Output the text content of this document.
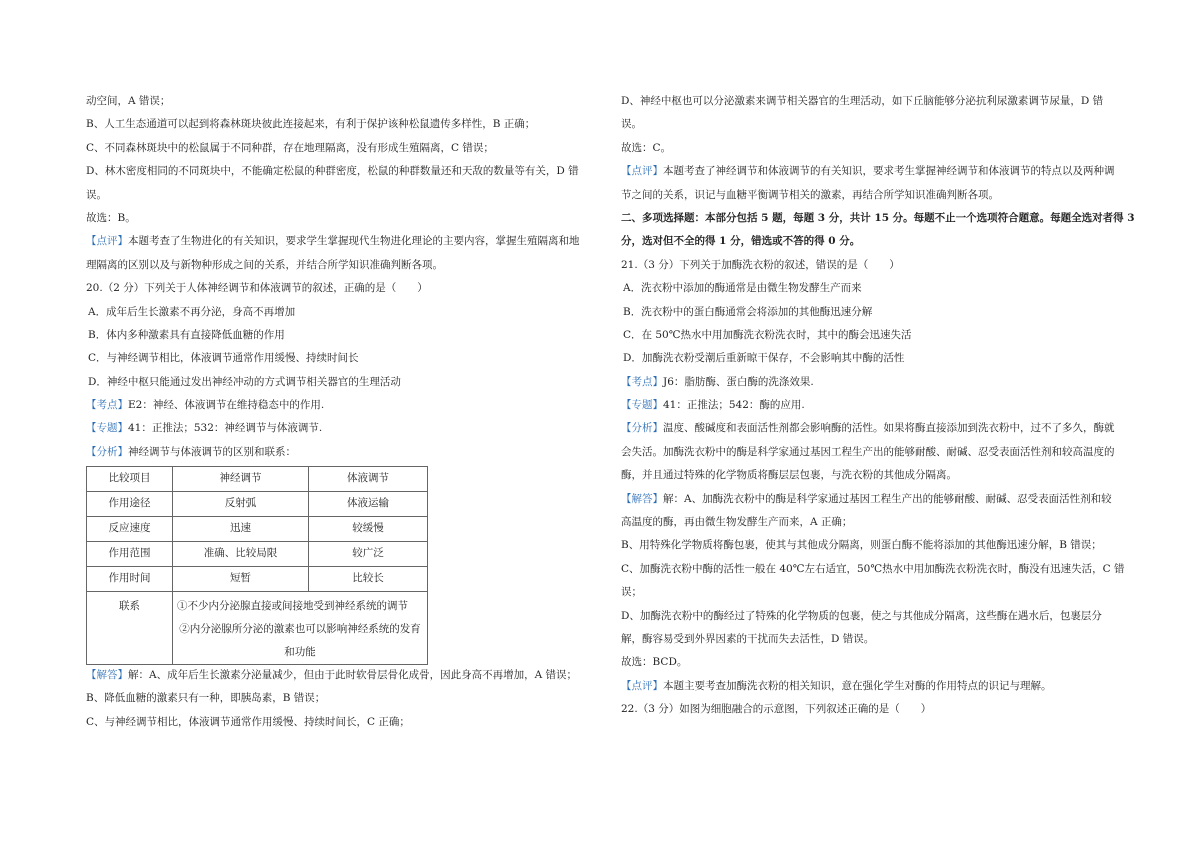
动空间，A 错误；

B、人工生态通道可以起到将森林斑块彼此连接起来，有利于保护该种松鼠遗传多样性，B 正确；

C、不同森林斑块中的松鼠属于不同种群，存在地理隔离，没有形成生殖隔离，C 错误；

D、林木密度相同的不同斑块中，不能确定松鼠的种群密度，松鼠的种群数量还和天敌的数量等有关，D 错

误。

故选：B。

【点评】本题考查了生物进化的有关知识，要求学生掌握现代生物进化理论的主要内容，掌握生殖隔离和地

理隔离的区别以及与新物种形成之间的关系，并结合所学知识准确判断各项。

20.（2 分）下列关于人体神经调节和体液调节的叙述，正确的是（　　）

A．成年后生长激素不再分泌，身高不再增加

B．体内多种激素具有直接降低血糖的作用

C．与神经调节相比，体液调节通常作用缓慢、持续时间长

D．神经中枢只能通过发出神经冲动的方式调节相关器官的生理活动

【考点】E2：神经、体液调节在维持稳态中的作用.

【专题】41：正推法；532：神经调节与体液调节.

【分析】神经调节与体液调节的区别和联系：

比较项目	神经调节	体液调节
作用途径	反射弧	体液运输
反应速度	迅速	较缓慢
作用范围	准确、比较局限	较广泛
作用时间	短暂	比较长
联系	①不少内分泌腺直接或间接地受到神经系统的调节
②内分泌腺所分泌的激素也可以影响神经系统的发育和功能	

【解答】解：A、成年后生长激素分泌量减少，但由于此时软骨层骨化成骨，因此身高不再增加，A 错误；

B、降低血糖的激素只有一种，即胰岛素，B 错误；

C、与神经调节相比，体液调节通常作用缓慢、持续时间长，C 正确；

D、神经中枢也可以分泌激素来调节相关器官的生理活动，如下丘脑能够分泌抗利尿激素调节尿量，D 错

误。

故选：C。

【点评】本题考查了神经调节和体液调节的有关知识，要求考生掌握神经调节和体液调节的特点以及两种调

节之间的关系，识记与血糖平衡调节相关的激素，再结合所学知识准确判断各项。

二、多项选择题：本部分包括 5 题，每题 3 分，共计 15 分。每题不止一个选项符合题意。每题全选对者得 3

分，选对但不全的得 1 分，错选或不答的得 0 分。

21.（3 分）下列关于加酶洗衣粉的叙述，错误的是（　　）

A．洗衣粉中添加的酶通常是由微生物发酵生产而来

B．洗衣粉中的蛋白酶通常会将添加的其他酶迅速分解

C．在 50℃热水中用加酶洗衣粉洗衣时，其中的酶会迅速失活

D．加酶洗衣粉受潮后重新晾干保存，不会影响其中酶的活性

【考点】J6：脂肪酶、蛋白酶的洗涤效果.

【专题】41：正推法；542：酶的应用.

【分析】温度、酸碱度和表面活性剂都会影响酶的活性。如果将酶直接添加到洗衣粉中，过不了多久，酶就

会失活。加酶洗衣粉中的酶是科学家通过基因工程生产出的能够耐酸、耐碱、忍受表面活性剂和较高温度的

酶，并且通过特殊的化学物质将酶层层包裹，与洗衣粉的其他成分隔离。

【解答】解：A、加酶洗衣粉中的酶是科学家通过基因工程生产出的能够耐酸、耐碱、忍受表面活性剂和较

高温度的酶，再由微生物发酵生产而来，A 正确；

B、用特殊化学物质将酶包裹，使其与其他成分隔离，则蛋白酶不能将添加的其他酶迅速分解，B 错误；

C、加酶洗衣粉中酶的活性一般在 40℃左右适宜，50℃热水中用加酶洗衣粉洗衣时，酶没有迅速失活，C 错

误；

D、加酶洗衣粉中的酶经过了特殊的化学物质的包裹，使之与其他成分隔离，这些酶在遇水后，包裹层分

解，酶容易受到外界因素的干扰而失去活性，D 错误。

故选：BCD。

【点评】本题主要考查加酶洗衣粉的相关知识，意在强化学生对酶的作用特点的识记与理解。

22.（3 分）如图为细胞融合的示意图，下列叙述正确的是（　　）
